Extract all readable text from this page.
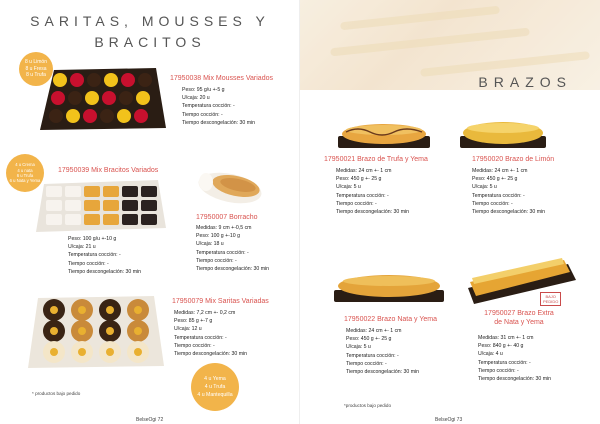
SARITAS, MOUSSES Y
BRACITOS
8 u Limón
8 u Fresa
8 u Trufa	17950038 Mix Mousses Variados
Peso: 95 g/u +-5 g
U/caja: 20 u
Temperatura cocción: -
Tiempo cocción: -
Tiempo descongelación: 30 min
4 u Crema
4 u nata
6 u Trufa
6 u Nata y Yema
17950039 Mix Bracitos Variados
Peso: 100 g/u +-10 g
U/caja: 21 u
Temperatura cocción: -
Tiempo cocción: -
Tiempo descongelación: 30 min
17950007 Borracho
Medidas: 9 cm +-0,5 cm
Peso: 100 g +-10 g
U/caja: 18 u
Temperatura cocción: -
Tiempo cocción: -
Tiempo descongelación: 30 min
17950079 Mix Saritas Variadas
Medidas: 7,2 cm +- 0,2 cm
Peso: 85 g +-7 g
U/caja: 12 u
Temperatura cocción: -
Tiempo cocción: -
Tiempo descongelación: 30 min
4 u Yema
4 u Trufa
4 u Mantequilla
* productos bajo pedido
BelseOgi 72
BRAZOS
17950021 Brazo de Trufa y Yema
Medidas: 24 cm +- 1 cm
Peso: 450 g +- 25 g
U/caja: 5 u
Temperatura cocción: -
Tiempo cocción: -
Tiempo descongelación: 30 min
17950020 Brazo de Limón
Medidas: 24 cm +- 1 cm
Peso: 450 g +- 25 g
U/caja: 5 u
Temperatura cocción: -
Tiempo cocción: -
Tiempo descongelación: 30 min
17950022 Brazo Nata y Yema
Medidas: 24 cm +- 1 cm
Peso: 450 g +- 25 g
U/caja: 5 u
Temperatura cocción: -
Tiempo cocción: -
Tiempo descongelación: 30 min
BAJO
PEDIDO
17950027 Brazo Extra
de Nata y Yema
Medidas: 31 cm +- 1 cm
Peso: 840 g +- 40 g
U/caja: 4 u
Temperatura cocción: -
Tiempo cocción: -
Tiempo descongelación: 30 min
*productos bajo pedido
BelseOgi 73
